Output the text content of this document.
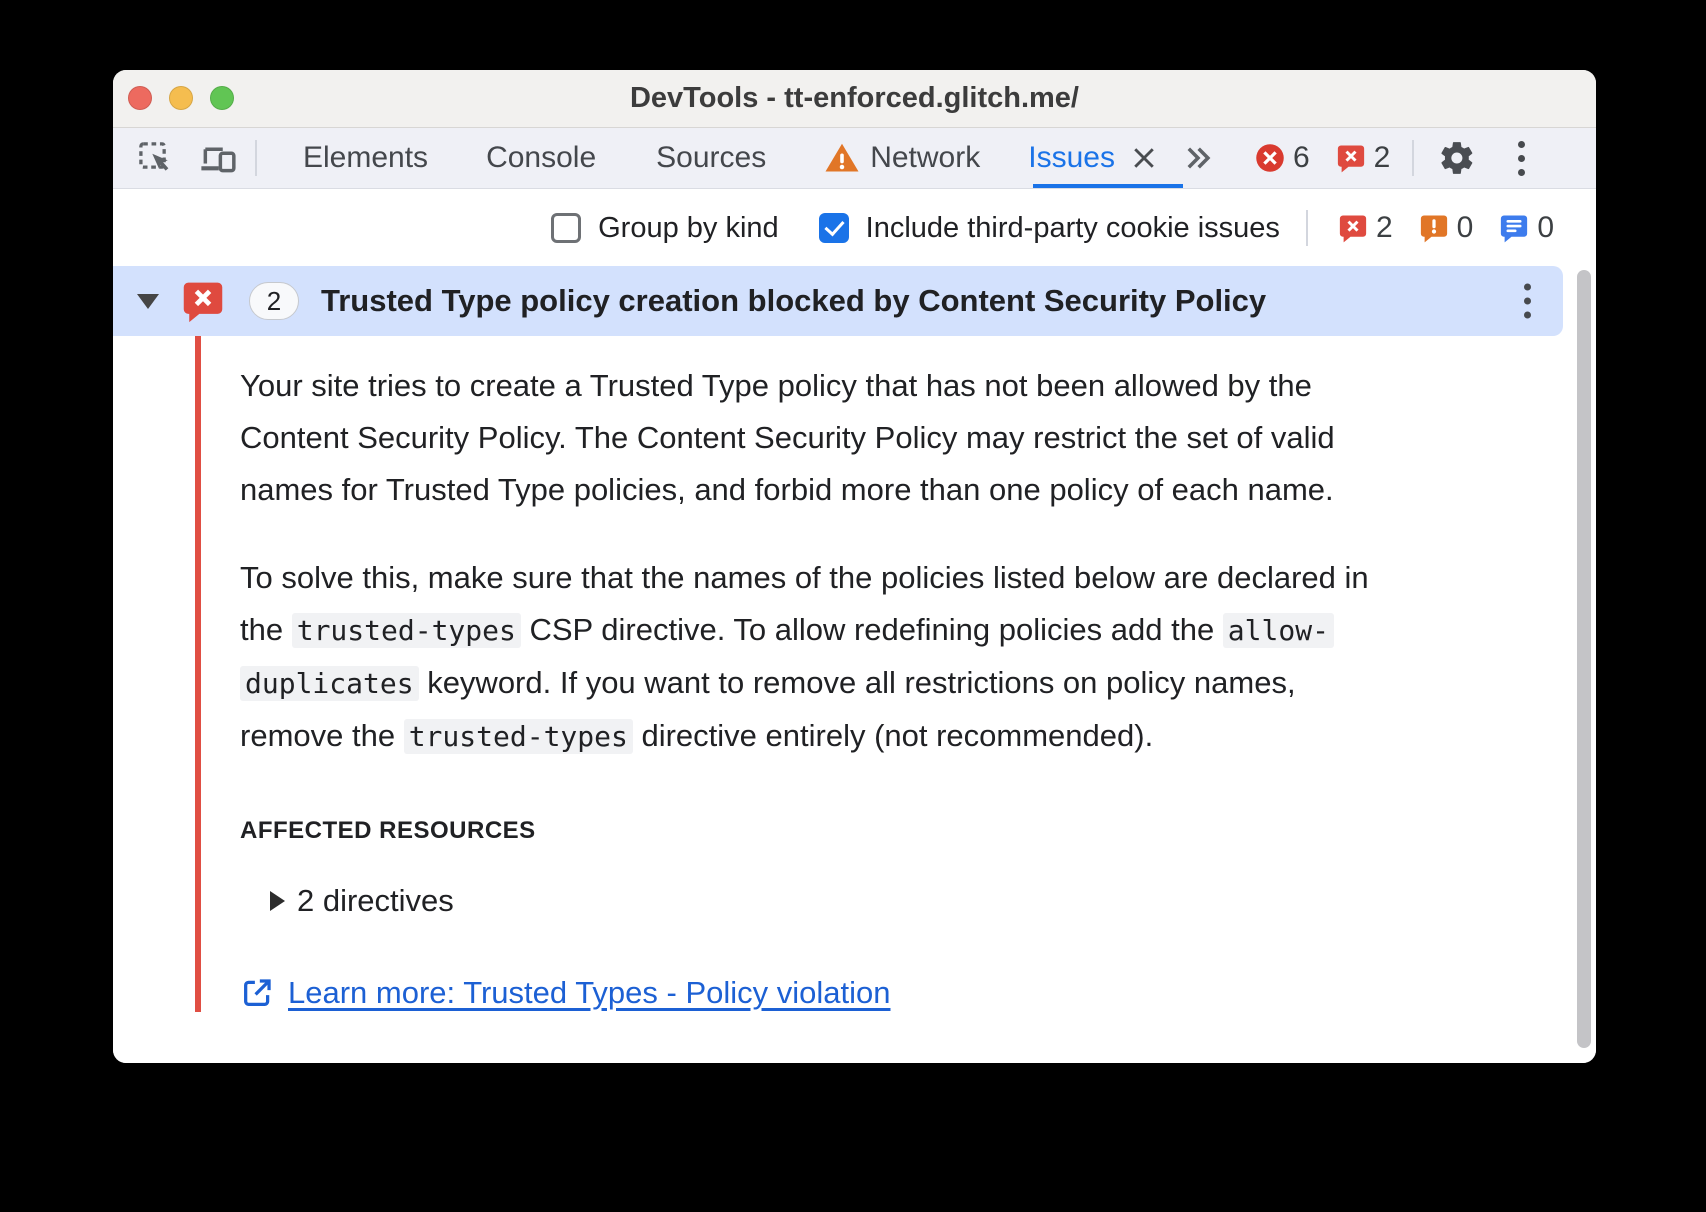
DevTools - tt-enforced.glitch.me/
Elements Console Sources	Network Issues	6 2
Group by kind	Include third-party cookie issues	2 0 0
2	Trusted Type policy creation blocked by Content Security Policy
Your site tries to create a Trusted Type policy that has not been allowed by the
Content Security Policy. The Content Security Policy may restrict the set of valid
names for Trusted Type policies, and forbid more than one policy of each name.
To solve this, make sure that the names of the policies listed below are declared in
the trusted-types CSP directive. To allow redefining policies add the allow-
duplicates keyword. If you want to remove all restrictions on policy names,
remove the trusted-types directive entirely (not recommended).
AFFECTED RESOURCES
2 directives
Learn more: Trusted Types - Policy violation
